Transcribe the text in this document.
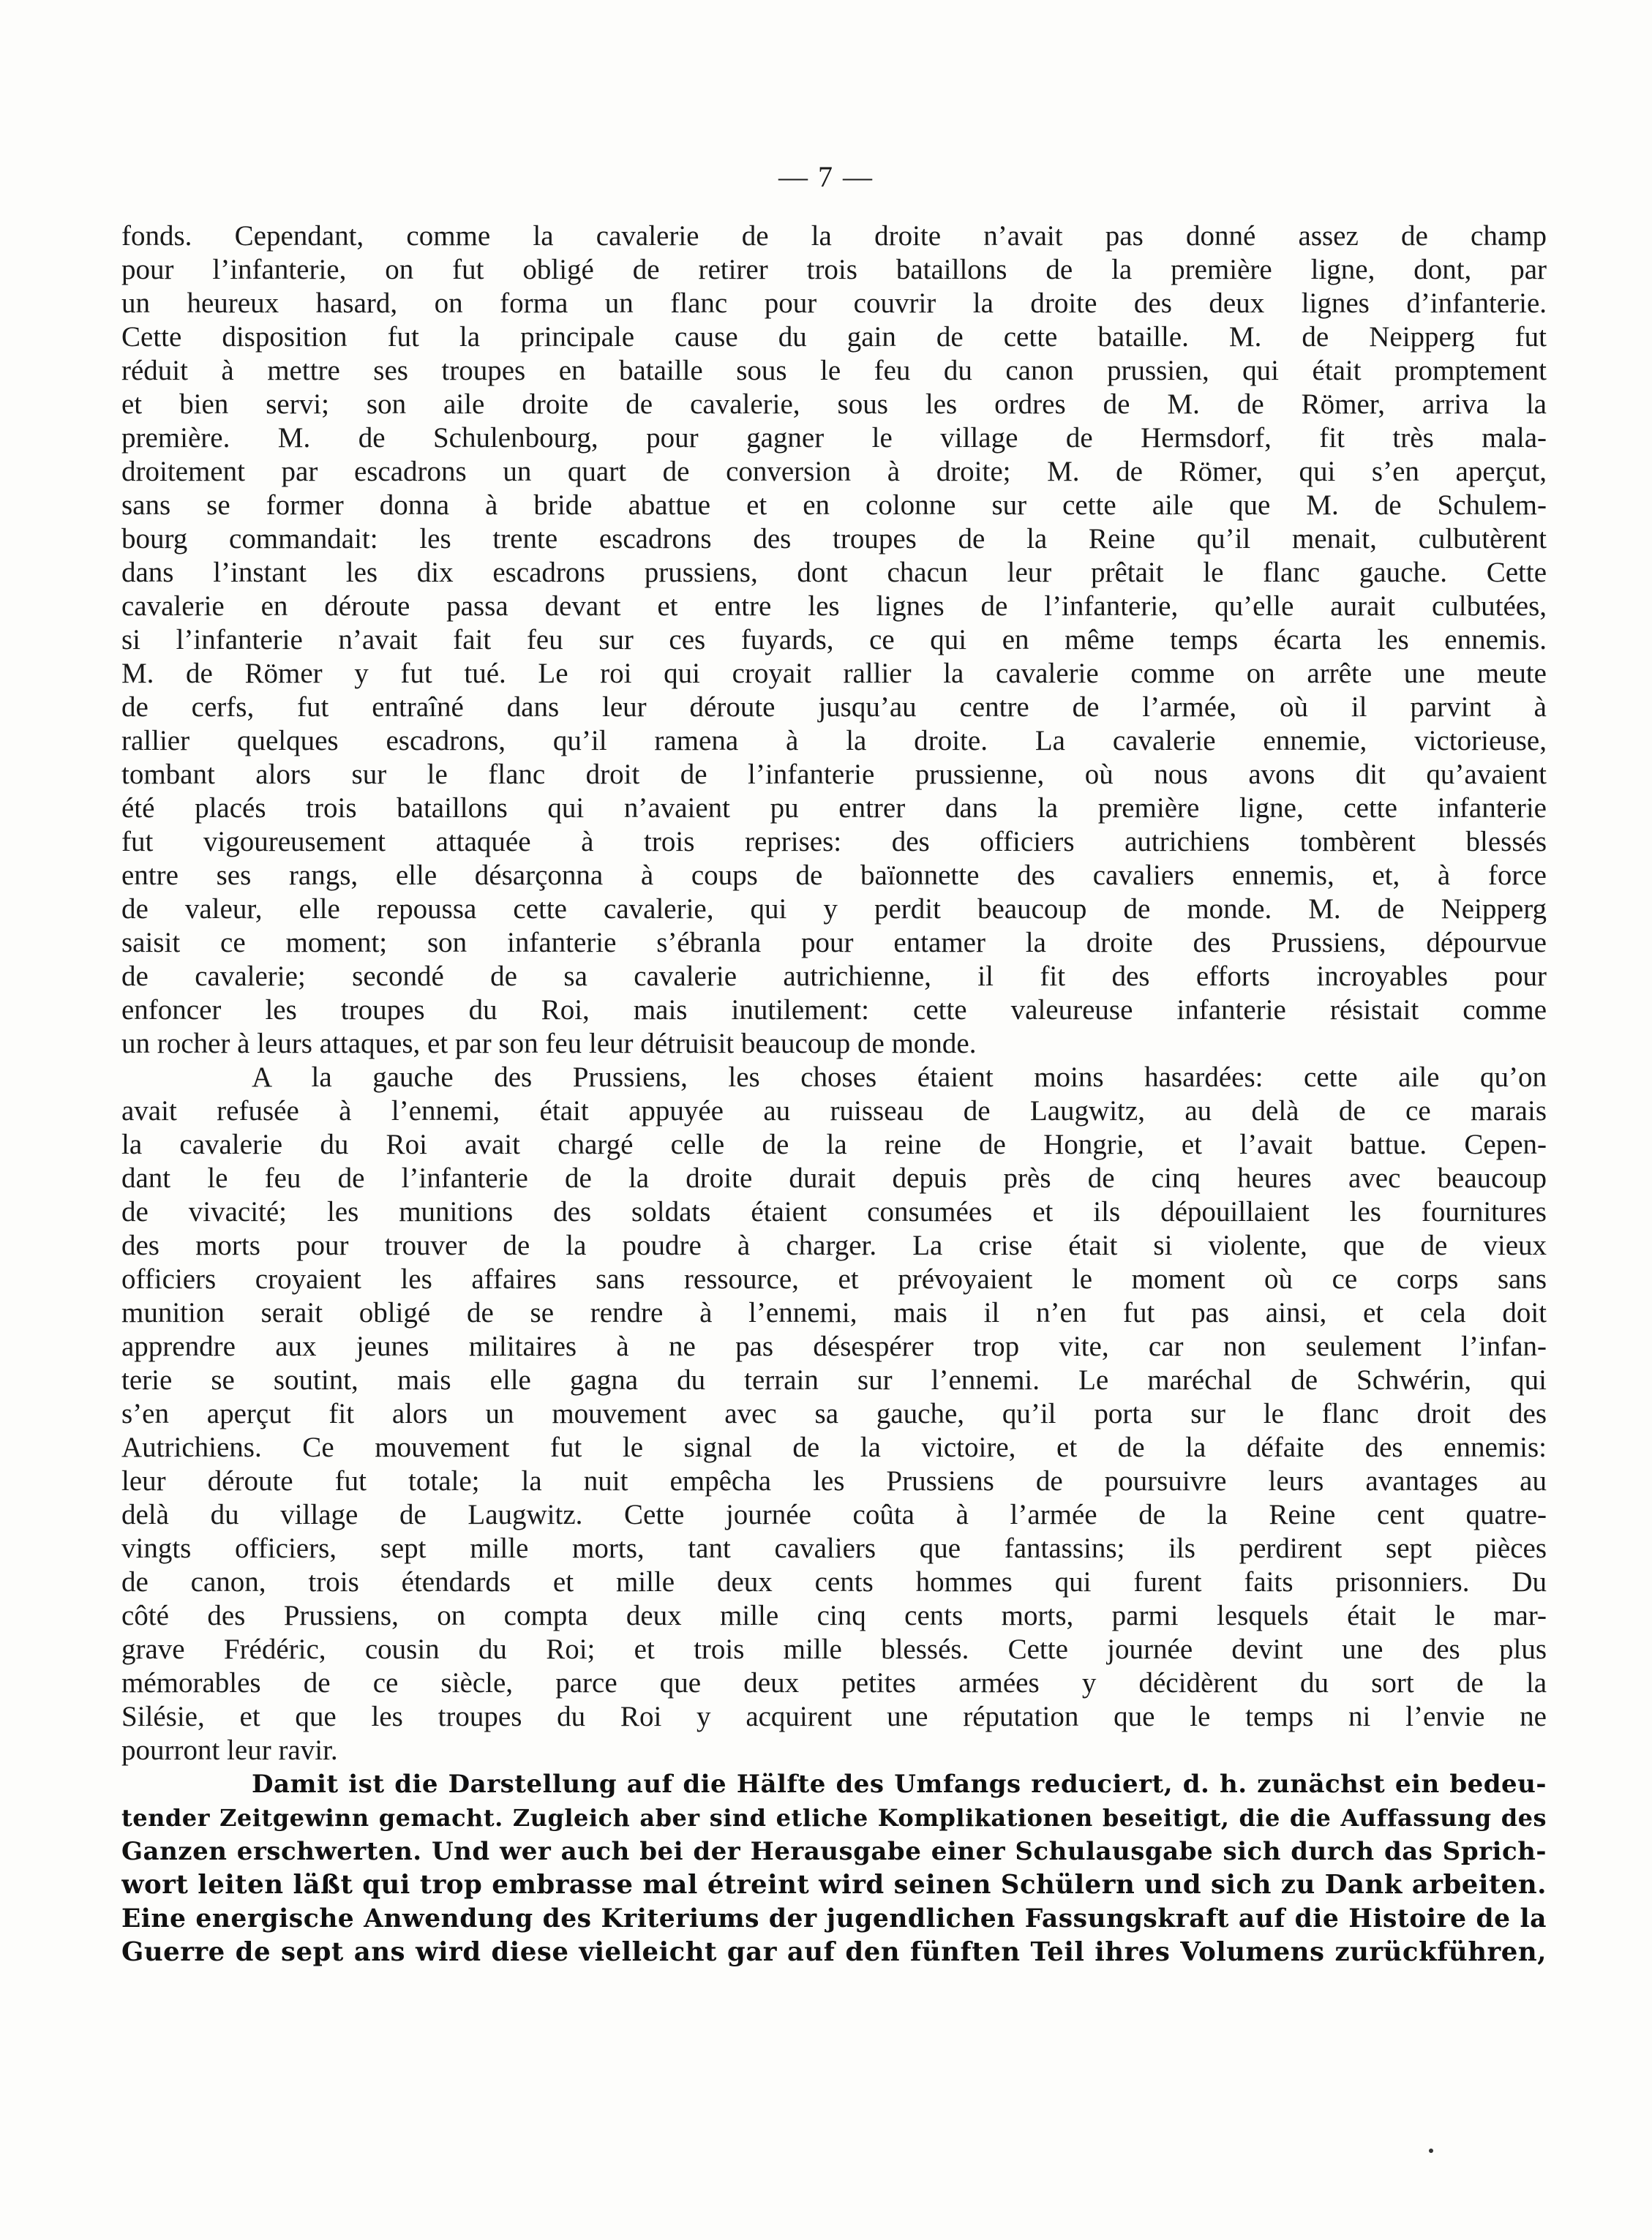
— 7 —
fonds. Cependant, comme la cavalerie de la droite n’avait pas donné assez de champ
pour l’infanterie, on fut obligé de retirer trois bataillons de la première ligne, dont, par
un heureux hasard, on forma un flanc pour couvrir la droite des deux lignes d’infanterie.
Cette disposition fut la principale cause du gain de cette bataille. M. de Neipperg fut
réduit à mettre ses troupes en bataille sous le feu du canon prussien, qui était promptement
et bien servi; son aile droite de cavalerie, sous les ordres de M. de Römer, arriva la
première. M. de Schulenbourg, pour gagner le village de Hermsdorf, fit très mala-
droitement par escadrons un quart de conversion à droite; M. de Römer, qui s’en aperçut,
sans se former donna à bride abattue et en colonne sur cette aile que M. de Schulem-
bourg commandait: les trente escadrons des troupes de la Reine qu’il menait, culbutèrent
dans l’instant les dix escadrons prussiens, dont chacun leur prêtait le flanc gauche. Cette
cavalerie en déroute passa devant et entre les lignes de l’infanterie, qu’elle aurait culbutées,
si l’infanterie n’avait fait feu sur ces fuyards, ce qui en même temps écarta les ennemis.
M. de Römer y fut tué. Le roi qui croyait rallier la cavalerie comme on arrête une meute
de cerfs, fut entraîné dans leur déroute jusqu’au centre de l’armée, où il parvint à
rallier quelques escadrons, qu’il ramena à la droite. La cavalerie ennemie, victorieuse,
tombant alors sur le flanc droit de l’infanterie prussienne, où nous avons dit qu’avaient
été placés trois bataillons qui n’avaient pu entrer dans la première ligne, cette infanterie
fut vigoureusement attaquée à trois reprises: des officiers autrichiens tombèrent blessés
entre ses rangs, elle désarçonna à coups de baïonnette des cavaliers ennemis, et, à force
de valeur, elle repoussa cette cavalerie, qui y perdit beaucoup de monde. M. de Neipperg
saisit ce moment; son infanterie s’ébranla pour entamer la droite des Prussiens, dépourvue
de cavalerie; secondé de sa cavalerie autrichienne, il fit des efforts incroyables pour
enfoncer les troupes du Roi, mais inutilement: cette valeureuse infanterie résistait comme
un rocher à leurs attaques, et par son feu leur détruisit beaucoup de monde.
A la gauche des Prussiens, les choses étaient moins hasardées: cette aile qu’on
avait refusée à l’ennemi, était appuyée au ruisseau de Laugwitz, au delà de ce marais
la cavalerie du Roi avait chargé celle de la reine de Hongrie, et l’avait battue. Cepen-
dant le feu de l’infanterie de la droite durait depuis près de cinq heures avec beaucoup
de vivacité; les munitions des soldats étaient consumées et ils dépouillaient les fournitures
des morts pour trouver de la poudre à charger. La crise était si violente, que de vieux
officiers croyaient les affaires sans ressource, et prévoyaient le moment où ce corps sans
munition serait obligé de se rendre à l’ennemi, mais il n’en fut pas ainsi, et cela doit
apprendre aux jeunes militaires à ne pas désespérer trop vite, car non seulement l’infan-
terie se soutint, mais elle gagna du terrain sur l’ennemi. Le maréchal de Schwérin, qui
s’en aperçut fit alors un mouvement avec sa gauche, qu’il porta sur le flanc droit des
Autrichiens. Ce mouvement fut le signal de la victoire, et de la défaite des ennemis:
leur déroute fut totale; la nuit empêcha les Prussiens de poursuivre leurs avantages au
delà du village de Laugwitz. Cette journée coûta à l’armée de la Reine cent quatre-
vingts officiers, sept mille morts, tant cavaliers que fantassins; ils perdirent sept pièces
de canon, trois étendards et mille deux cents hommes qui furent faits prisonniers. Du
côté des Prussiens, on compta deux mille cinq cents morts, parmi lesquels était le mar-
grave Frédéric, cousin du Roi; et trois mille blessés. Cette journée devint une des plus
mémorables de ce siècle, parce que deux petites armées y décidèrent du sort de la
Silésie, et que les troupes du Roi y acquirent une réputation que le temps ni l’envie ne
pourront leur ravir.
Damit ist die Darstellung auf die Hälfte des Umfangs reduciert, d. h. zunächst ein bedeu-
tender Zeitgewinn gemacht. Zugleich aber sind etliche Komplikationen beseitigt, die die Auffassung des
Ganzen erschwerten. Und wer auch bei der Herausgabe einer Schulausgabe sich durch das Sprich-
wort leiten läßt qui trop embrasse mal étreint wird seinen Schülern und sich zu Dank arbeiten.
Eine energische Anwendung des Kriteriums der jugendlichen Fassungskraft auf die Histoire de la
Guerre de sept ans wird diese vielleicht gar auf den fünften Teil ihres Volumens zurückführen,
